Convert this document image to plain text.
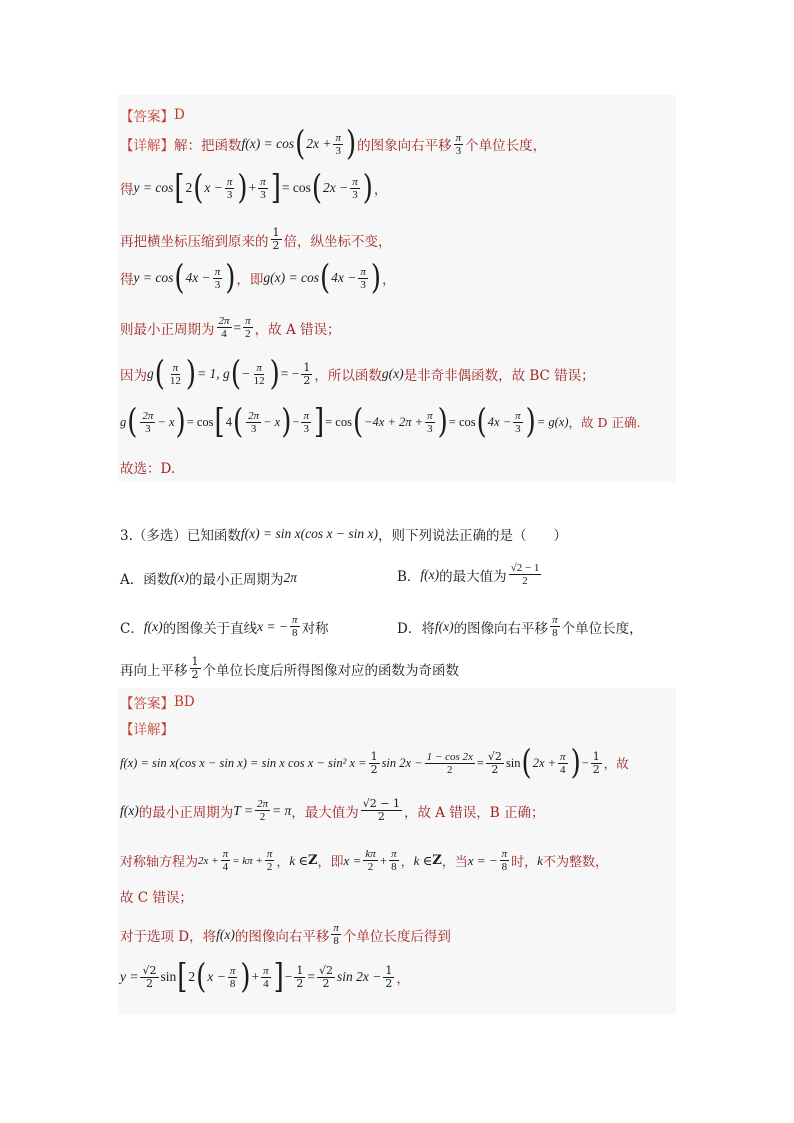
【答案】 D
【详解】 解：把函数 f(x) = cos ( $2x + \frac{\pi}{3}$ ) 的图象向右平移 $\frac{\pi}{3}$ 个单位长度，
得 y = cos [ 2 ( $x - \frac{\pi}{3}$ ) + $\frac{\pi}{3}$ ] = cos ( $2x - \frac{\pi}{3}$ ) ，
再把横坐标压缩到原来的 $\frac{1}{2}$ 倍，纵坐标不变，
得 y = cos ( $4x - \frac{\pi}{3}$ ) ，即 g(x) = cos ( $4x - \frac{\pi}{3}$ ) ，
则最小正周期为 $\frac{2\pi}{4} = \frac{\pi}{2}$ ，故 A 错误；
因为 g ( $\frac{\pi}{12}$ ) = 1, g ( − $\frac{\pi}{12}$ ) = − $\frac{1}{2}$ ，所以函数 g(x) 是非奇非偶函数，故 BC 错误；
g ( $\frac{2\pi}{3} - x$ ) = cos [ 4 ( $\frac{2\pi}{3} - x$ ) − $\frac{\pi}{3}$ ] = cos ( $-4x + 2\pi + \frac{\pi}{3}$ ) = cos ( $4x - \frac{\pi}{3}$ ) = g(x) ，故 D 正确.
故选：D.
3.（多选）已知函数 f(x) = sin x(cos x − sin x) ，则下列说法正确的是（　　）
A．函数 f(x) 的最小正周期为 2π	B． f(x) 的最大值为 $\frac{√2 - 1}{2}$
C． f(x) 的图像关于直线 x = − $\frac{\pi}{8}$ 对称	D．将 f(x) 的图像向右平移 $\frac{\pi}{8}$ 个单位长度，
再向上平移 $\frac{1}{2}$ 个单位长度后所得图像对应的函数为奇函数
【答案】 BD
【详解】
f(x) = sin x(cos x − sin x) = sin x cos x − sin² $x = \frac{1}{2}$ $\sin 2x - \frac{1 - \cos 2x}{2} = \frac{√2}{2}$ sin ( $2x + \frac{\pi}{4}$ ) − $\frac{1}{2}$ ，故
f(x) 的最小正周期为 $T = \frac{2\pi}{2} = \pi$ ，最大值为 $\frac{√2 - 1}{2}$ ，故 A 错误，B 正确；
对称轴方程为 $2x + \frac{\pi}{4} = k\pi + \frac{\pi}{2}$ ， k ∈ Z ，即 $x = \frac{k\pi}{2} + \frac{\pi}{8}$ ， k ∈ Z ，当 x = − $\frac{\pi}{8}$ 时， k 不为整数，
故 C 错误；
对于选项 D，将 f(x) 的图像向右平移 $\frac{\pi}{8}$ 个单位长度后得到
$y = \frac{√2}{2}$ sin [ 2 ( $x - \frac{\pi}{8}$ ) + $\frac{\pi}{4}$ ] − $\frac{1}{2} = \frac{√2}{2}$ $\sin 2x - \frac{1}{2}$ ，
